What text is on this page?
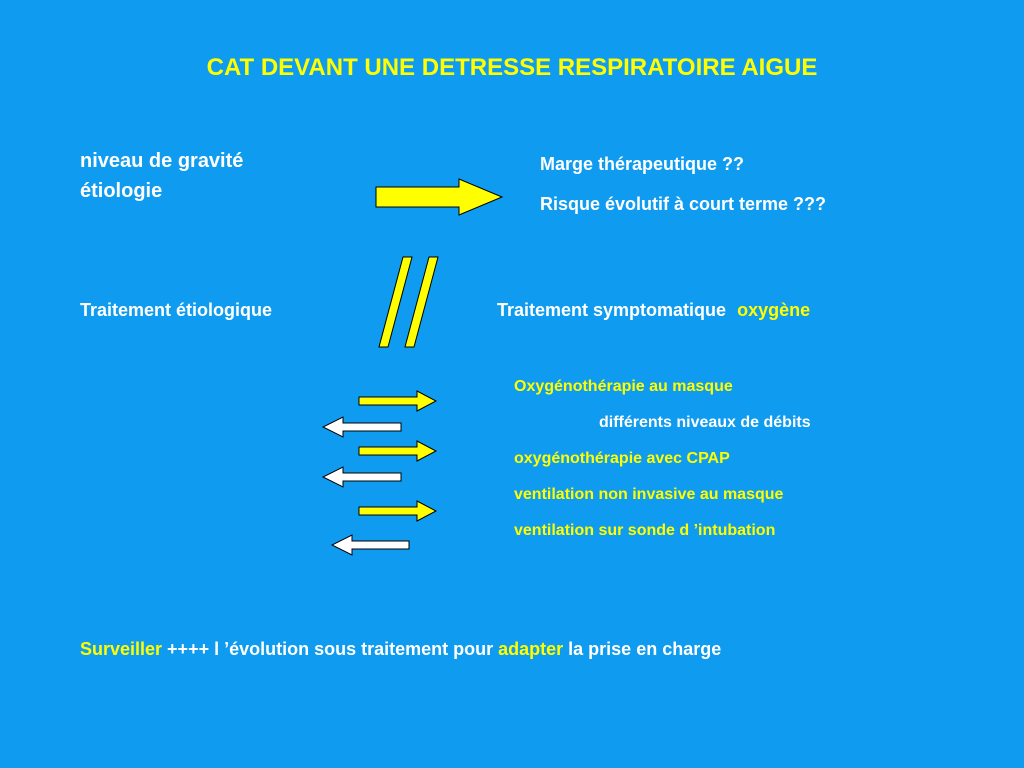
CAT DEVANT UNE DETRESSE RESPIRATOIRE AIGUE
niveau de gravité
étiologie
Marge thérapeutique ??
Risque évolutif à court terme ???
Traitement étiologique	Traitement symptomatique oxygène
Oxygénothérapie au masque
différents niveaux de débits
oxygénothérapie avec CPAP
ventilation non invasive au masque
ventilation sur sonde d ’intubation
Surveiller ++++ l ’évolution sous traitement pour adapter la prise en charge
